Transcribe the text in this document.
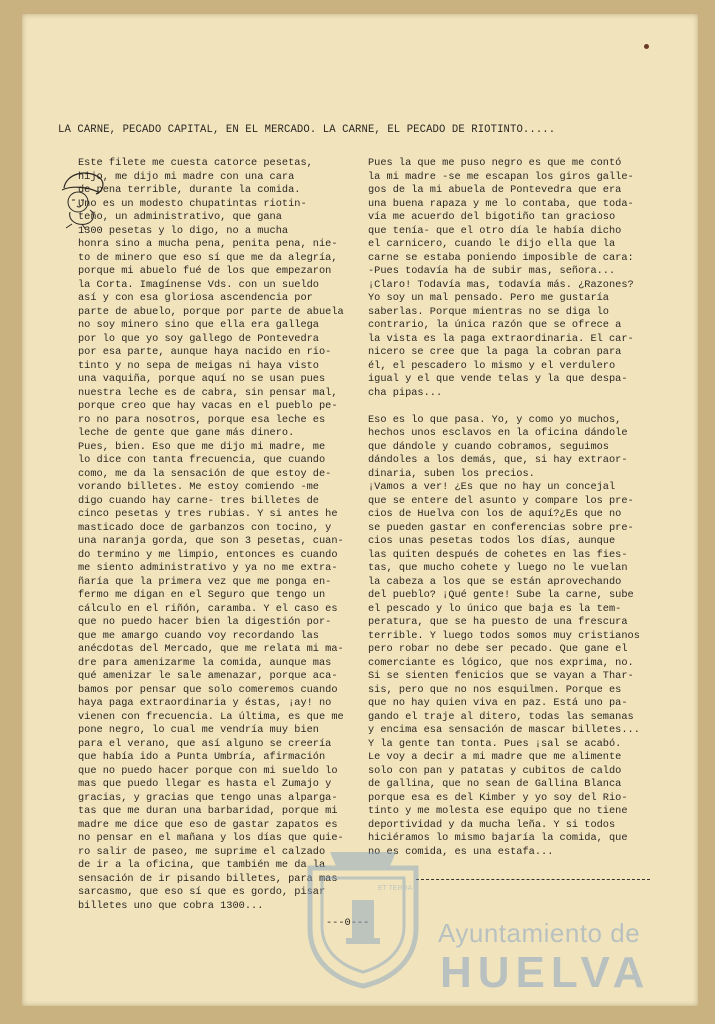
LA CARNE, PECADO CAPITAL, EN EL MERCADO. LA CARNE, EL PECADO DE RIOTINTO.....
Este filete me cuesta catorce pesetas,
hijo, me dijo mi madre con una cara
de pena terrible, durante la comida.
Uno es un modesto chupatintas riotin-
teño, un administrativo, que gana
1300 pesetas y lo digo, no a mucha
honra sino a mucha pena, penita pena, nie-
to de minero que eso sí que me da alegría,
porque mi abuelo fué de los que empezaron
la Corta. Imagínense Vds. con un sueldo
así y con esa gloriosa ascendencia por
parte de abuelo, porque por parte de abuela
no soy minero sino que ella era gallega
por lo que yo soy gallego de Pontevedra
por esa parte, aunque haya nacido en rio-
tinto y no sepa de meigas ni haya visto
una vaquiña, porque aquí no se usan pues
nuestra leche es de cabra, sin pensar mal,
porque creo que hay vacas en el pueblo pe-
ro no para nosotros, porque esa leche es
leche de gente que gane más dinero.
Pues, bien. Eso que me dijo mi madre, me
lo dice con tanta frecuencia, que cuando
como, me da la sensación de que estoy de-
vorando billetes. Me estoy comiendo -me
digo cuando hay carne- tres billetes de
cinco pesetas y tres rubias. Y si antes he
masticado doce de garbanzos con tocino, y
una naranja gorda, que son 3 pesetas, cuan-
do termino y me limpio, entonces es cuando
me siento administrativo y ya no me extra-
ñaría que la primera vez que me ponga en-
fermo me digan en el Seguro que tengo un
cálculo en el riñón, caramba. Y el caso es
que no puedo hacer bien la digestión por-
que me amargo cuando voy recordando las
anécdotas del Mercado, que me relata mi ma-
dre para amenizarme la comida, aunque mas
qué amenizar le sale amenazar, porque aca-
bamos por pensar que solo comeremos cuando
haya paga extraordinaria y éstas, ¡ay! no
vienen con frecuencia. La última, es que me
pone negro, lo cual me vendría muy bien
para el verano, que así alguno se creería
que había ido a Punta Umbría, afirmación
que no puedo hacer porque con mi sueldo lo
mas que puedo llegar es hasta el Zumajo y
gracias, y gracias que tengo unas alparga-
tas que me duran una barbaridad, porque mi
madre me dice que eso de gastar zapatos es
no pensar en el mañana y los días que quie-
ro salir de paseo, me suprime el calzado
de ir a la oficina, que también me da la
sensación de ir pisando billetes, para mas
sarcasmo, que eso sí que es gordo, pisar
billetes uno que cobra 1300...
Pues la que me puso negro es que me contó
la mi madre -se me escapan los giros galle-
gos de la mi abuela de Pontevedra que era
una buena rapaza y me lo contaba, que toda-
vía me acuerdo del bigotiño tan gracioso
que tenía- que el otro día le había dicho
el carnicero, cuando le dijo ella que la
carne se estaba poniendo imposible de cara:
-Pues todavía ha de subir mas, señora...
¡Claro! Todavía mas, todavía más. ¿Razones?
Yo soy un mal pensado. Pero me gustaría
saberlas. Porque mientras no se diga lo
contrario, la única razón que se ofrece a
la vista es la paga extraordinaria. El car-
nicero se cree que la paga la cobran para
él, el pescadero lo mismo y el verdulero
igual y el que vende telas y la que despa-
cha pipas...

Eso es lo que pasa. Yo, y como yo muchos,
hechos unos esclavos en la oficina dándole
que dándole y cuando cobramos, seguimos
dándoles a los demás, que, si hay extraor-
dinaria, suben los precios.
¡Vamos a ver! ¿Es que no hay un concejal
que se entere del asunto y compare los pre-
cios de Huelva con los de aquí?¿Es que no
se pueden gastar en conferencias sobre pre-
cios unas pesetas todos los días, aunque
las quiten después de cohetes en las fies-
tas, que mucho cohete y luego no le vuelan
la cabeza a los que se están aprovechando
del pueblo? ¡Qué gente! Sube la carne, sube
el pescado y lo único que baja es la tem-
peratura, que se ha puesto de una frescura
terrible. Y luego todos somos muy cristianos
pero robar no debe ser pecado. Que gane el
comerciante es lógico, que nos exprima, no.
Si se sienten fenicios que se vayan a Thar-
sis, pero que no nos esquilmen. Porque es
que no hay quien viva en paz. Está uno pa-
gando el traje al ditero, todas las semanas
y encima esa sensación de mascar billetes...
Y la gente tan tonta. Pues ¡sal se acabó.
Le voy a decir a mi madre que me alimente
solo con pan y patatas y cubitos de caldo
de gallina, que no sean de Gallina Blanca
porque esa es del Kimber y yo soy del Rio-
tinto y me molesta ese equipo que no tiene
deportividad y da mucha leña. Y si todos
hiciéramos lo mismo bajaría la comida, que
no es comida, es una estafa...
---0---
ET TERRA
Ayuntamiento de
HUELVA
